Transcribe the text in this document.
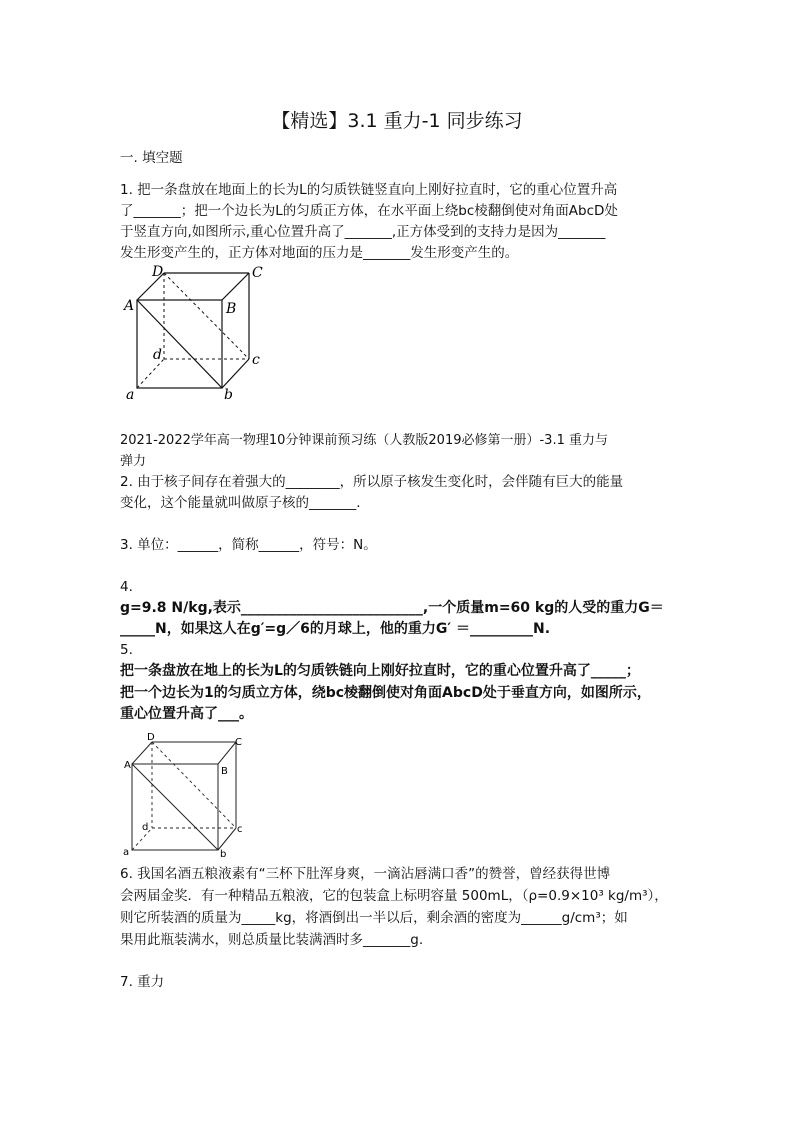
【精选】3.1 重力-1 同步练习
一. 填空题
1. 把一条盘放在地面上的长为L的匀质铁链竖直向上刚好拉直时，它的重心位置升高
了_______；把一个边长为L的匀质正方体，在水平面上绕bc棱翻倒使对角面AbcD处
于竖直方向,如图所示,重心位置升高了_______,正方体受到的支持力是因为_______
发生形变产生的，正方体对地面的压力是_______发生形变产生的。
D	C
A	B
d	c
a	b
2021-2022学年高一物理10分钟课前预习练（人教版2019必修第一册）-3.1 重力与
弹力
2. 由于核子间存在着强大的________，所以原子核发生变化时，会伴随有巨大的能量
变化，这个能量就叫做原子核的_______.
3. 单位：______，简称______，符号：N。
4.
g=9.8 N/kg,表示__________________________,一个质量m=60 kg的人受的重力G＝
_____N，如果这人在g′=g／6的月球上，他的重力G′ ＝_________N.
5.
把一条盘放在地上的长为L的匀质铁链向上刚好拉直时，它的重心位置升高了_____；
把一个边长为1的匀质立方体，绕bc棱翻倒使对角面AbcD处于垂直方向，如图所示，
重心位置升高了___。
D	C
A
B
d	c
a	b
6. 我国名酒五粮液素有“三杯下肚浑身爽，一滴沾唇满口香”的赞誉，曾经获得世博
会两届金奖．有一种精品五粮液，它的包装盒上标明容量 500mL，（ρ=0.9×10³ kg/m³），
则它所装酒的质量为_____kg，将酒倒出一半以后，剩余酒的密度为______g/cm³；如
果用此瓶装满水，则总质量比装满酒时多_______g.
7. 重力
